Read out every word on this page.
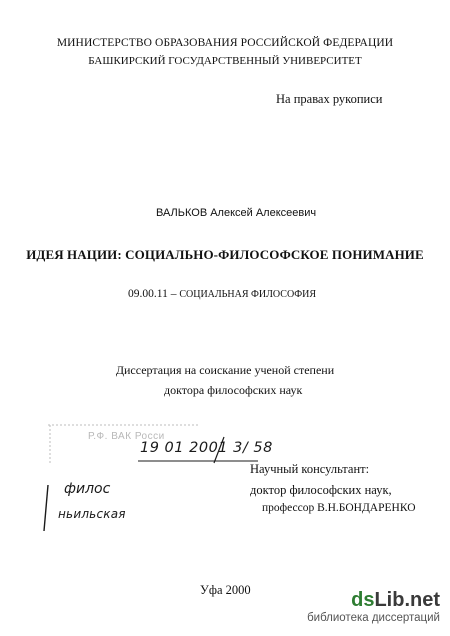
МИНИСТЕРСТВО ОБРАЗОВАНИЯ РОССИЙСКОЙ ФЕДЕРАЦИИ
БАШКИРСКИЙ ГОСУДАРСТВЕННЫЙ УНИВЕРСИТЕТ
На правах рукописи
ВАЛЬКОВ Алексей Алексеевич
ИДЕЯ НАЦИИ: СОЦИАЛЬНО-ФИЛОСОФСКОЕ ПОНИМАНИЕ
09.00.11 – СОЦИАЛЬНАЯ ФИЛОСОФИЯ
Диссертация на соискание ученой степени
доктора философских наук
Р.Ф. ВАК Росси
19 01 2001 3/ 58
Научный консультант:
доктор философских наук,
профессор В.Н.БОНДАРЕНКО
филос
ньильская
Уфа 2000	dsLib.net
библиотека диссертаций
